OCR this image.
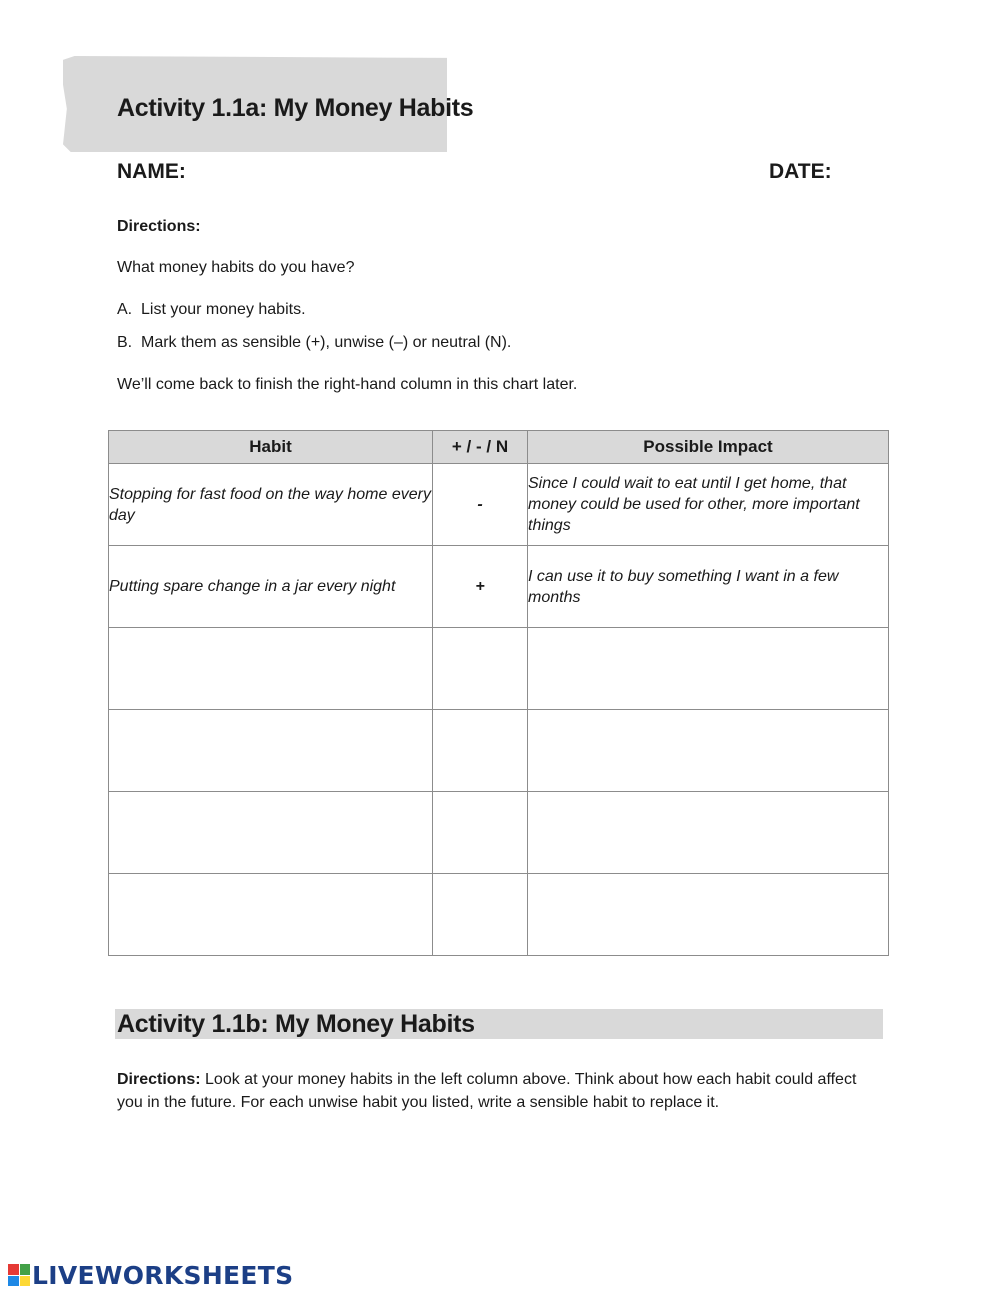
Activity 1.1a: My Money Habits
NAME:	DATE:
Directions:
What money habits do you have?
A. List your money habits.
B. Mark them as sensible (+), unwise (–) or neutral (N).
We’ll come back to finish the right-hand column in this chart later.
Habit	+ / - / N	Possible Impact

Stopping for fast food on the way home every day	-	Since I could wait to eat until I get home, that money could be used for other, more important things

Putting spare change in a jar every night	+	I can use it to buy something I want in a few months

Activity 1.1b: My Money Habits
Directions: Look at your money habits in the left column above. Think about how each habit could affect you in the future. For each unwise habit you listed, write a sensible habit to replace it.
LIVEWORKSHEETS
